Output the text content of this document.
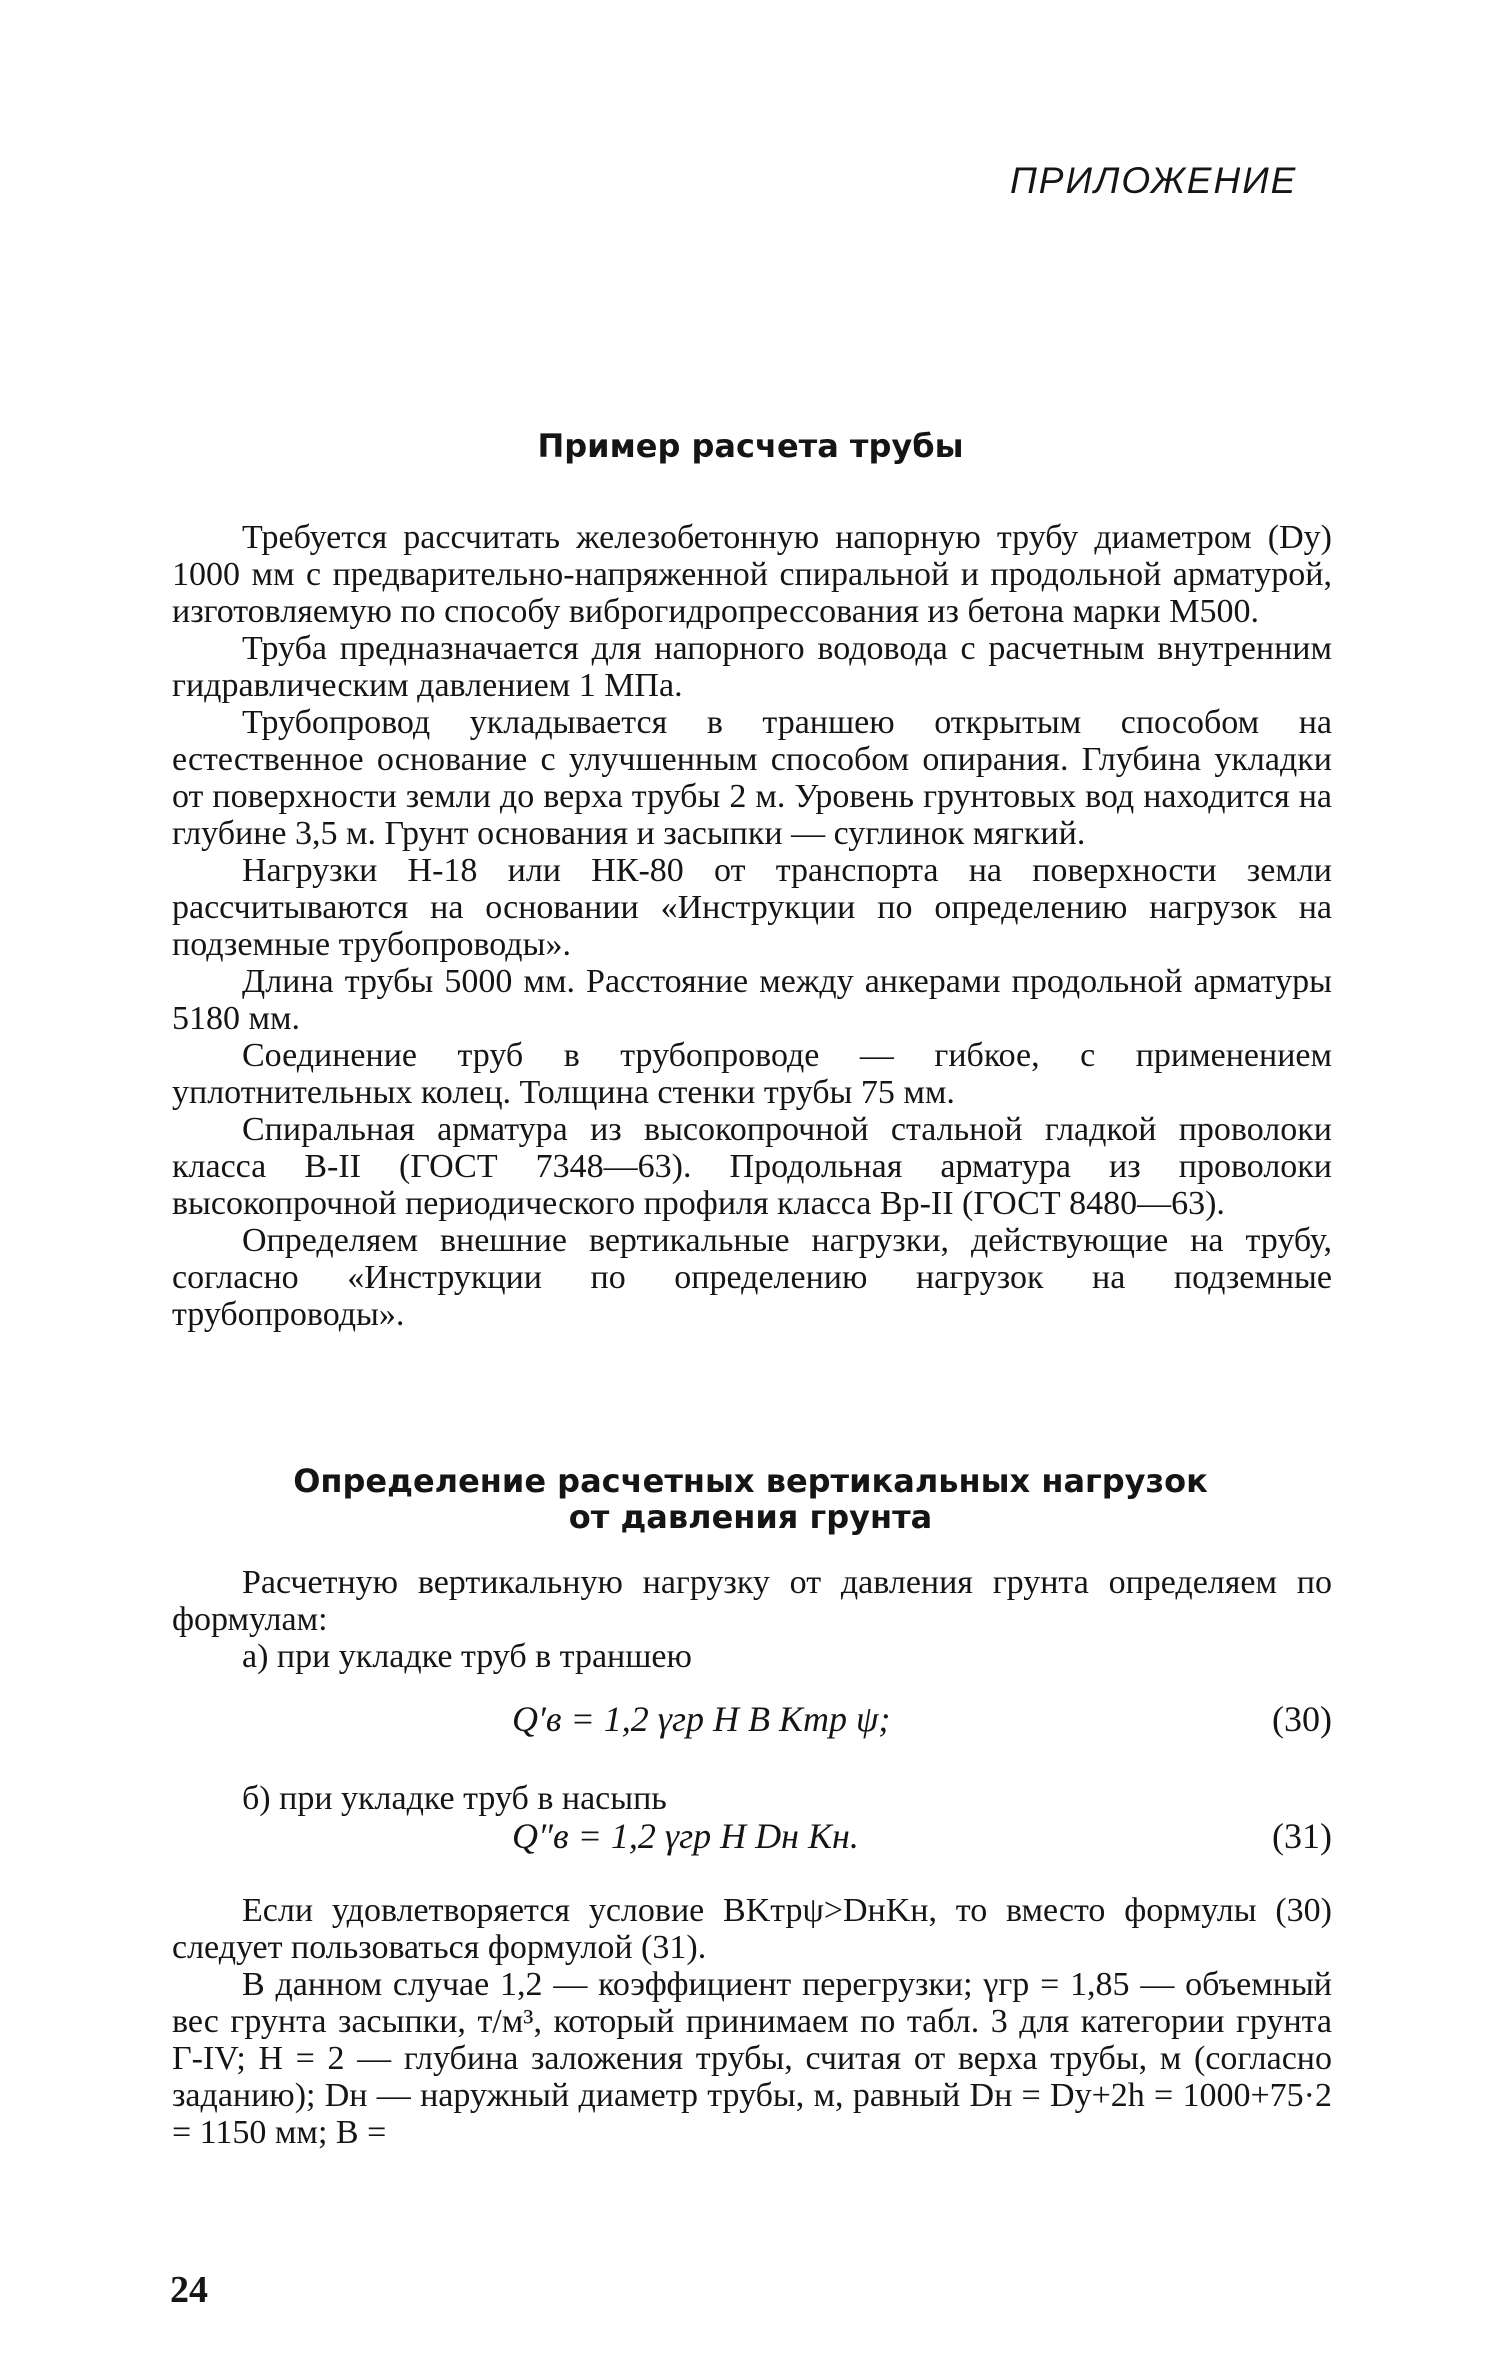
ПРИЛОЖЕНИЕ
Пример расчета трубы

Требуется рассчитать железобетонную напорную трубу диаметром (Dу) 1000 мм с предварительно-напряженной спиральной и продольной арматурой, изготовляемую по способу виброгидропрессования из бетона марки М500.

Труба предназначается для напорного водовода с расчетным внутренним гидравлическим давлением 1 МПа.

Трубопровод укладывается в траншею открытым способом на естественное основание с улучшенным способом опирания. Глубина укладки от поверхности земли до верха трубы 2 м. Уровень грунтовых вод находится на глубине 3,5 м. Грунт основания и засыпки — суглинок мягкий.

Нагрузки Н-18 или НК-80 от транспорта на поверхности земли рассчитываются на основании «Инструкции по определению нагрузок на подземные трубопроводы».

Длина трубы 5000 мм. Расстояние между анкерами продольной арматуры 5180 мм.

Соединение труб в трубопроводе — гибкое, с применением уплотнительных колец. Толщина стенки трубы 75 мм.

Спиральная арматура из высокопрочной стальной гладкой проволоки класса В-II (ГОСТ 7348—63). Продольная арматура из проволоки высокопрочной периодического профиля класса Вр-II (ГОСТ 8480—63).

Определяем внешние вертикальные нагрузки, действующие на трубу, согласно «Инструкции по определению нагрузок на подземные трубопроводы».

Определение расчетных вертикальных нагрузок
от давления грунта

Расчетную вертикальную нагрузку от давления грунта определяем по формулам:

а) при укладке труб в траншею

Q′в = 1,2 γгр H B Kтр ψ;	(30)

б) при укладке труб в насыпь

Q″в = 1,2 γгр H Dн Kн.	(31)

Если удовлетворяется условие BKтрψ>DнKн, то вместо формулы (30) следует пользоваться формулой (31).

В данном случае 1,2 — коэффициент перегрузки; γгр = 1,85 — объемный вес грунта засыпки, т/м³, который принимаем по табл. 3 для категории грунта Г-IV; H = 2 — глубина заложения трубы, считая от верха трубы, м (согласно заданию); Dн — наружный диаметр трубы, м, равный Dн = Dу+2h = 1000+75·2 = 1150 мм; B =

24
